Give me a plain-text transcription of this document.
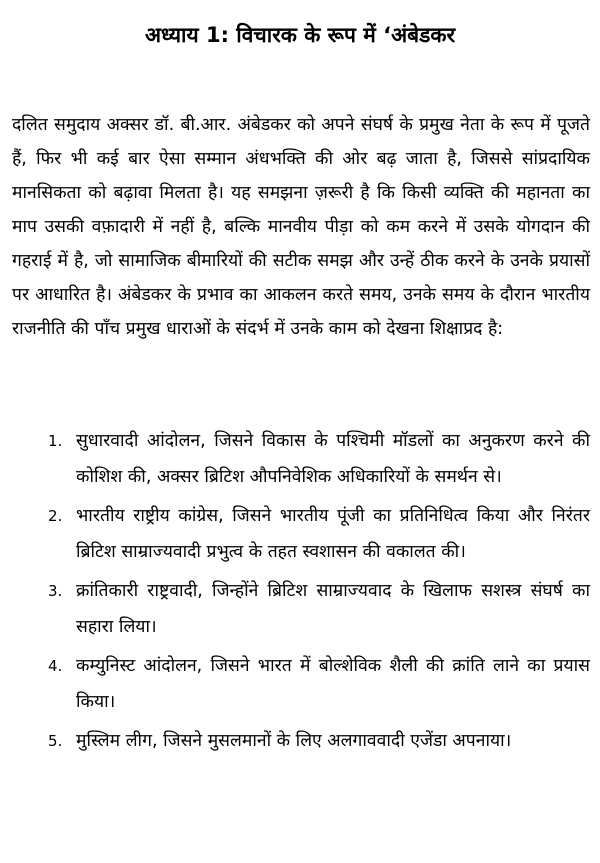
अध्याय 1: विचारक के रूप में ‘अंबेडकर

दलित समुदाय अक्सर डॉ. बी.आर. अंबेडकर को अपने संघर्ष के प्रमुख नेता के रूप में पूजते हैं, फिर भी कई बार ऐसा सम्मान अंधभक्ति की ओर बढ़ जाता है, जिससे सांप्रदायिक मानसिकता को बढ़ावा मिलता है। यह समझना ज़रूरी है कि किसी व्यक्ति की महानता का माप उसकी वफ़ादारी में नहीं है, बल्कि मानवीय पीड़ा को कम करने में उसके योगदान की गहराई में है, जो सामाजिक बीमारियों की सटीक समझ और उन्हें ठीक करने के उनके प्रयासों पर आधारित है। अंबेडकर के प्रभाव का आकलन करते समय, उनके समय के दौरान भारतीय राजनीति की पाँच प्रमुख धाराओं के संदर्भ में उनके काम को देखना शिक्षाप्रद है:

1. सुधारवादी आंदोलन, जिसने विकास के पश्चिमी मॉडलों का अनुकरण करने की कोशिश की, अक्सर ब्रिटिश औपनिवेशिक अधिकारियों के समर्थन से।
2. भारतीय राष्ट्रीय कांग्रेस, जिसने भारतीय पूंजी का प्रतिनिधित्व किया और निरंतर ब्रिटिश साम्राज्यवादी प्रभुत्व के तहत स्वशासन की वकालत की।
3. क्रांतिकारी राष्ट्रवादी, जिन्होंने ब्रिटिश साम्राज्यवाद के खिलाफ सशस्त्र संघर्ष का सहारा लिया।
4. कम्युनिस्ट आंदोलन, जिसने भारत में बोल्शेविक शैली की क्रांति लाने का प्रयास किया।
5. मुस्लिम लीग, जिसने मुसलमानों के लिए अलगाववादी एजेंडा अपनाया।
